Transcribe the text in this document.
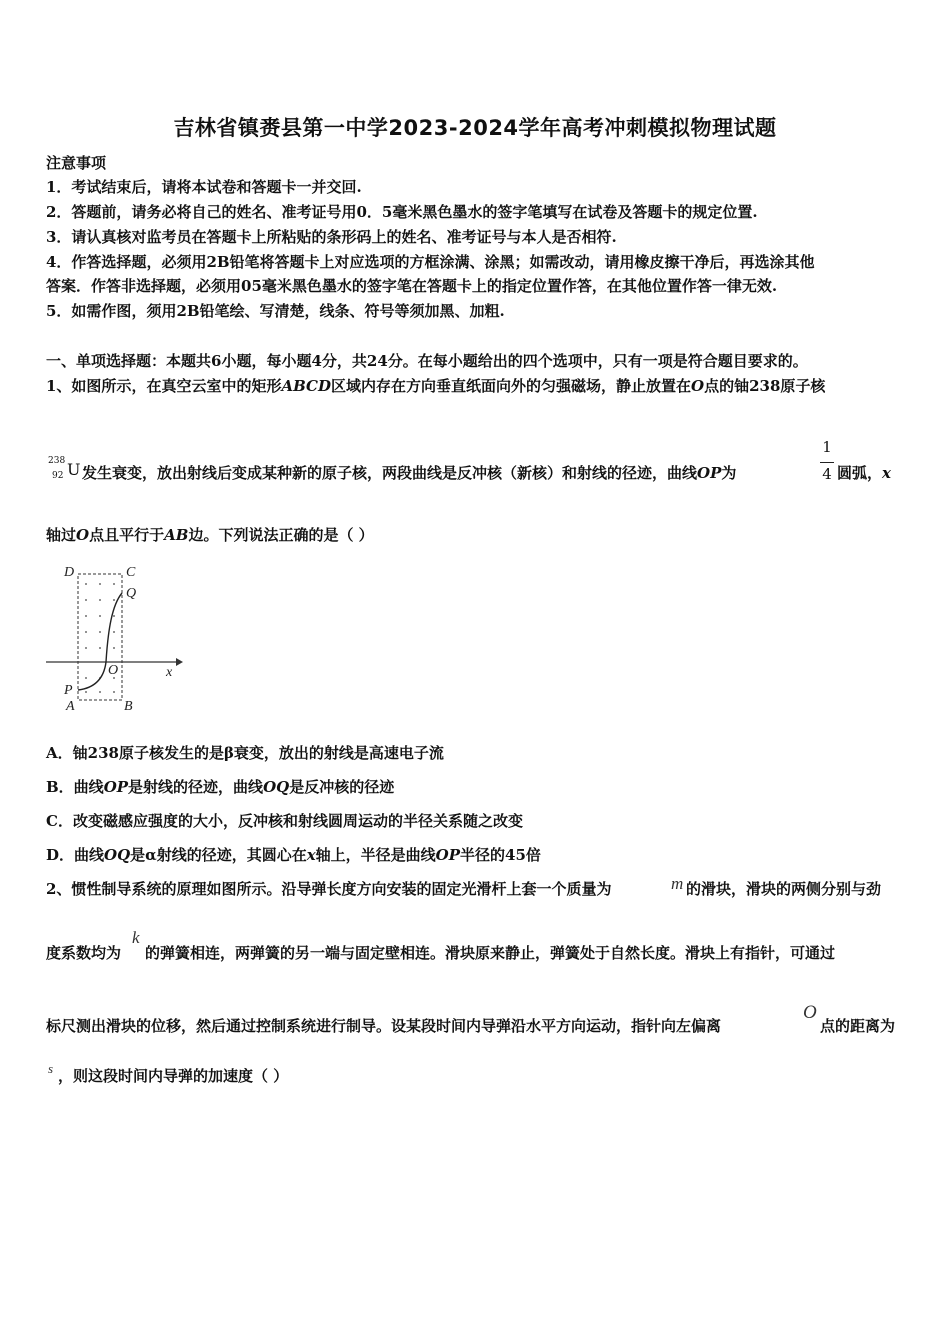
吉林省镇赉县第一中学2023-2024学年高考冲刺模拟物理试题
注意事项
1．考试结束后，请将本试卷和答题卡一并交回.
2．答题前，请务必将自己的姓名、准考证号用0．5毫米黑色墨水的签字笔填写在试卷及答题卡的规定位置.
3．请认真核对监考员在答题卡上所粘贴的条形码上的姓名、准考证号与本人是否相符.
4．作答选择题，必须用2B铅笔将答题卡上对应选项的方框涂满、涂黑；如需改动，请用橡皮擦干净后，再选涂其他
答案．作答非选择题，必须用05毫米黑色墨水的签字笔在答题卡上的指定位置作答，在其他位置作答一律无效.
5．如需作图，须用2B铅笔绘、写清楚，线条、符号等须加黑、加粗.
一、单项选择题：本题共6小题，每小题4分，共24分。在每小题给出的四个选项中，只有一项是符合题目要求的。
1、如图所示，在真空云室中的矩形ABCD区域内存在方向垂直纸面向外的匀强磁场，静止放置在O点的铀238原子核
238
92 U 发生衰变，放出射线后变成某种新的原子核，两段曲线是反冲核（新核）和射线的径迹，曲线OP为
1
4 圆弧，x
轴过O点且平行于AB边。下列说法正确的是（ ）
D	C
Q
O	x
P
A	B
A．铀238原子核发生的是β衰变，放出的射线是高速电子流
B．曲线OP是射线的径迹，曲线OQ是反冲核的径迹
C．改变磁感应强度的大小，反冲核和射线圆周运动的半径关系随之改变
D．曲线OQ是α射线的径迹，其圆心在x轴上，半径是曲线OP半径的45倍
2、惯性制导系统的原理如图所示。沿导弹长度方向安装的固定光滑杆上套一个质量为	m 的滑块，滑块的两侧分别与劲
度系数均为
k
的弹簧相连，两弹簧的另一端与固定壁相连。滑块原来静止，弹簧处于自然长度。滑块上有指针，可通过
标尺测出滑块的位移，然后通过控制系统进行制导。设某段时间内导弹沿水平方向运动，指针向左偏离
O
点的距离为
s ，则这段时间内导弹的加速度（ ）
